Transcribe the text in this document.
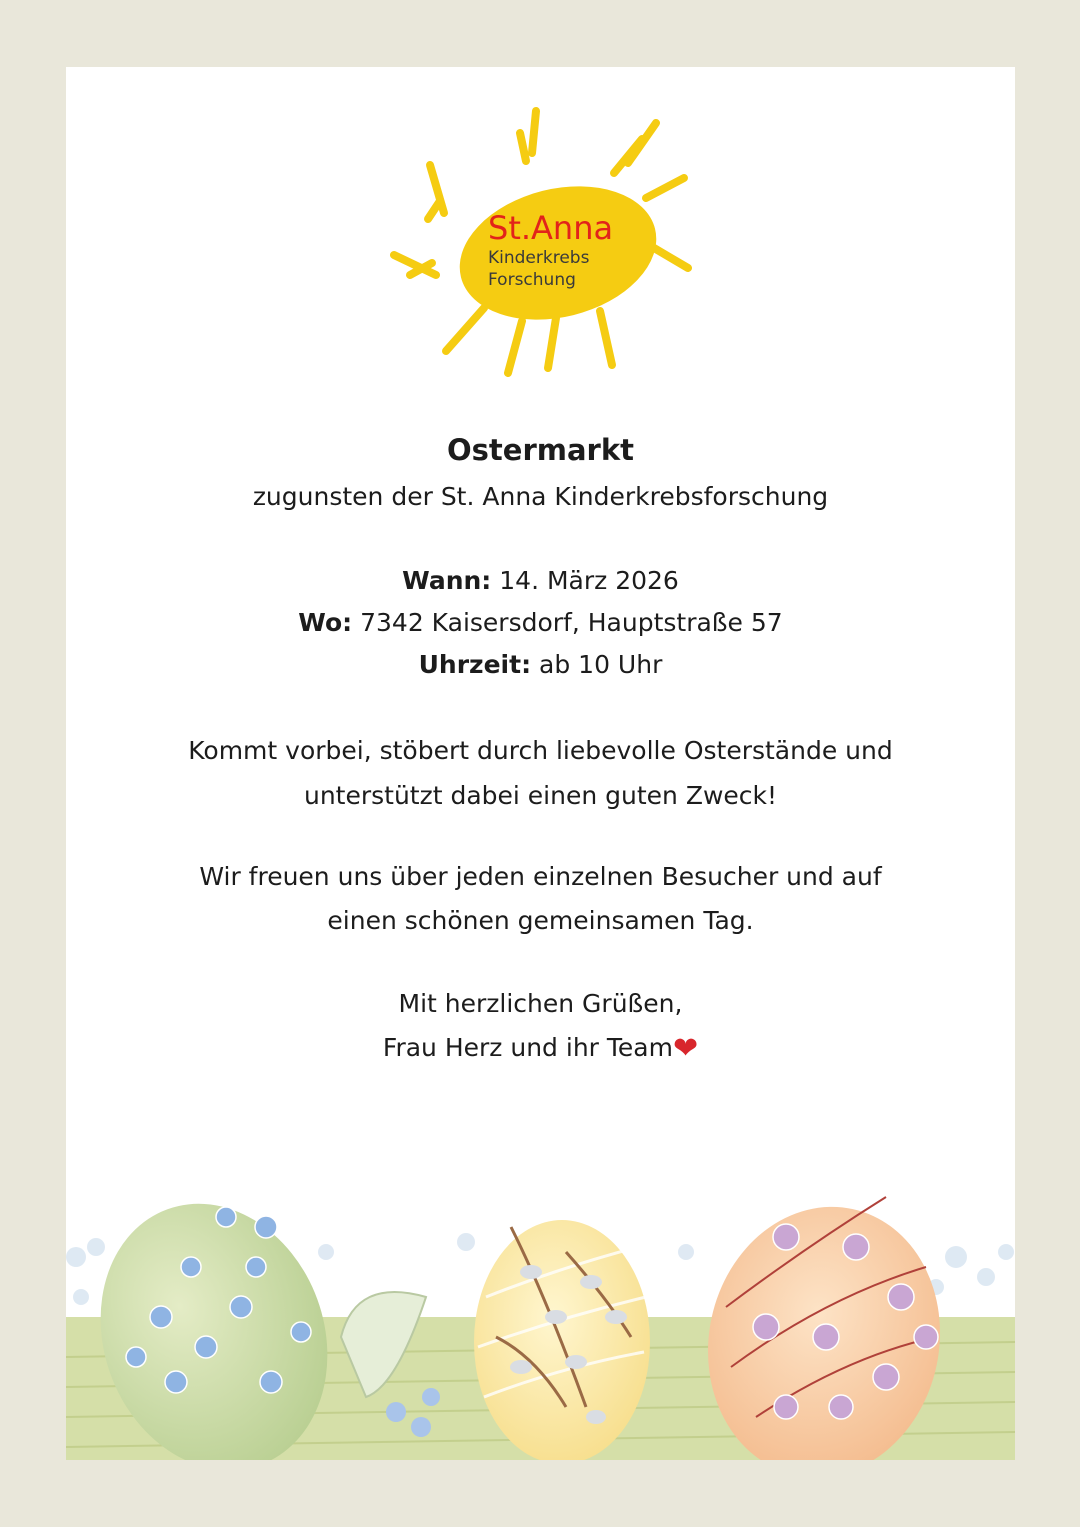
St.Anna
Kinderkrebs
Forschung
Ostermarkt
zugunsten der St. Anna Kinderkrebsforschung
Wann: 14. März 2026
Wo: 7342 Kaisersdorf, Hauptstraße 57
Uhrzeit: ab 10 Uhr
Kommt vorbei, stöbert durch liebevolle Osterstände und
unterstützt dabei einen guten Zweck!
Wir freuen uns über jeden einzelnen Besucher und auf
einen schönen gemeinsamen Tag.
Mit herzlichen Grüßen,
Frau Herz und ihr Team❤
